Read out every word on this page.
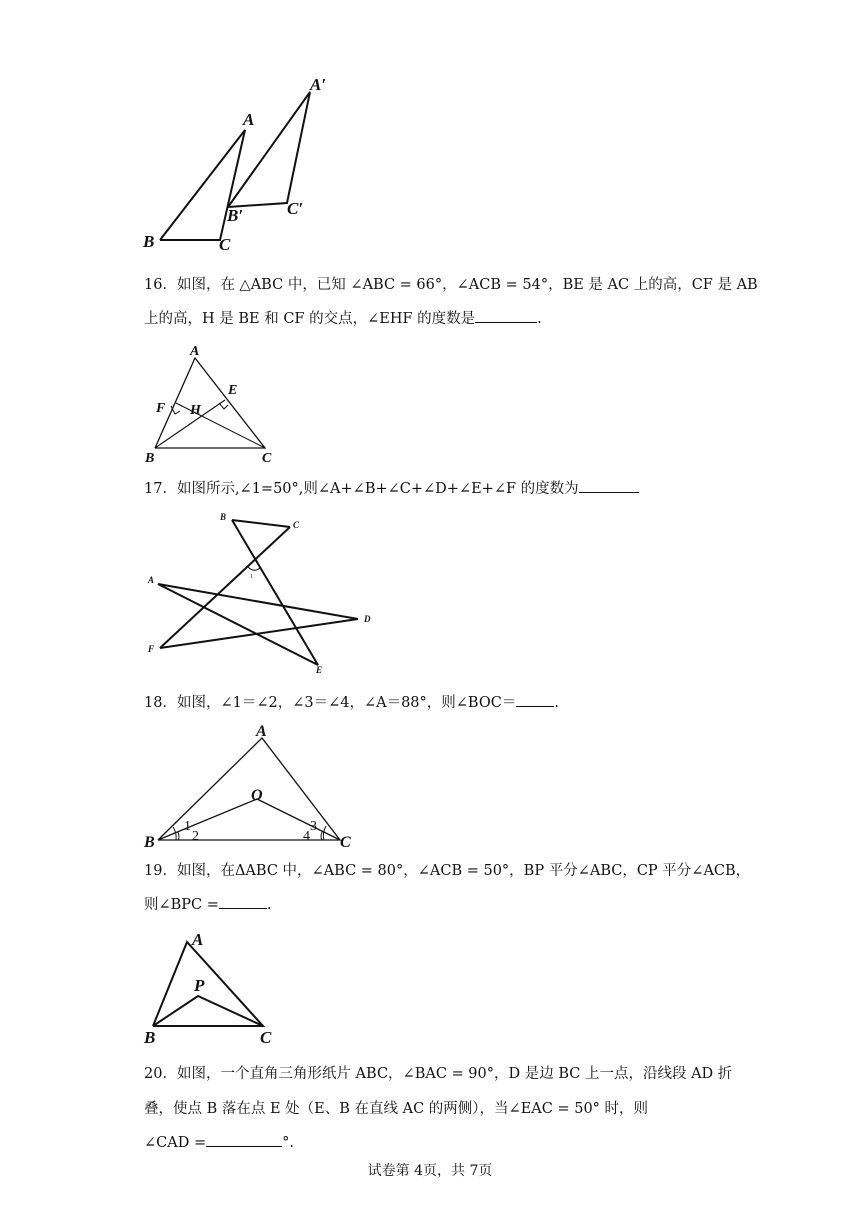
A
B	C
A′
B′	C′
16．如图，在 △ABC 中，已知 ∠ABC = 66°，∠ACB = 54°，BE 是 AC 上的高，CF 是 AB
上的高，H 是 BE 和 CF 的交点，∠EHF 的度数是	.
A
B	C
E
F H
17．如图所示,∠1=50°,则∠A+∠B+∠C+∠D+∠E+∠F 的度数为
B
C
A
D
F
E
1
18．如图，∠1＝∠2，∠3＝∠4，∠A＝88°，则∠BOC＝	.
A
O
B	C
1
2
3
4
19．如图，在ΔABC 中，∠ABC = 80°，∠ACB = 50°，BP 平分∠ABC，CP 平分∠ACB，
则∠BPC =	.
A
P
B	C
20．如图，一个直角三角形纸片 ABC，∠BAC = 90°，D 是边 BC 上一点，沿线段 AD 折
叠，使点 B 落在点 E 处（E、B 在直线 AC 的两侧），当∠EAC = 50° 时，则
∠CAD =	°.
试卷第 4页，共 7页
